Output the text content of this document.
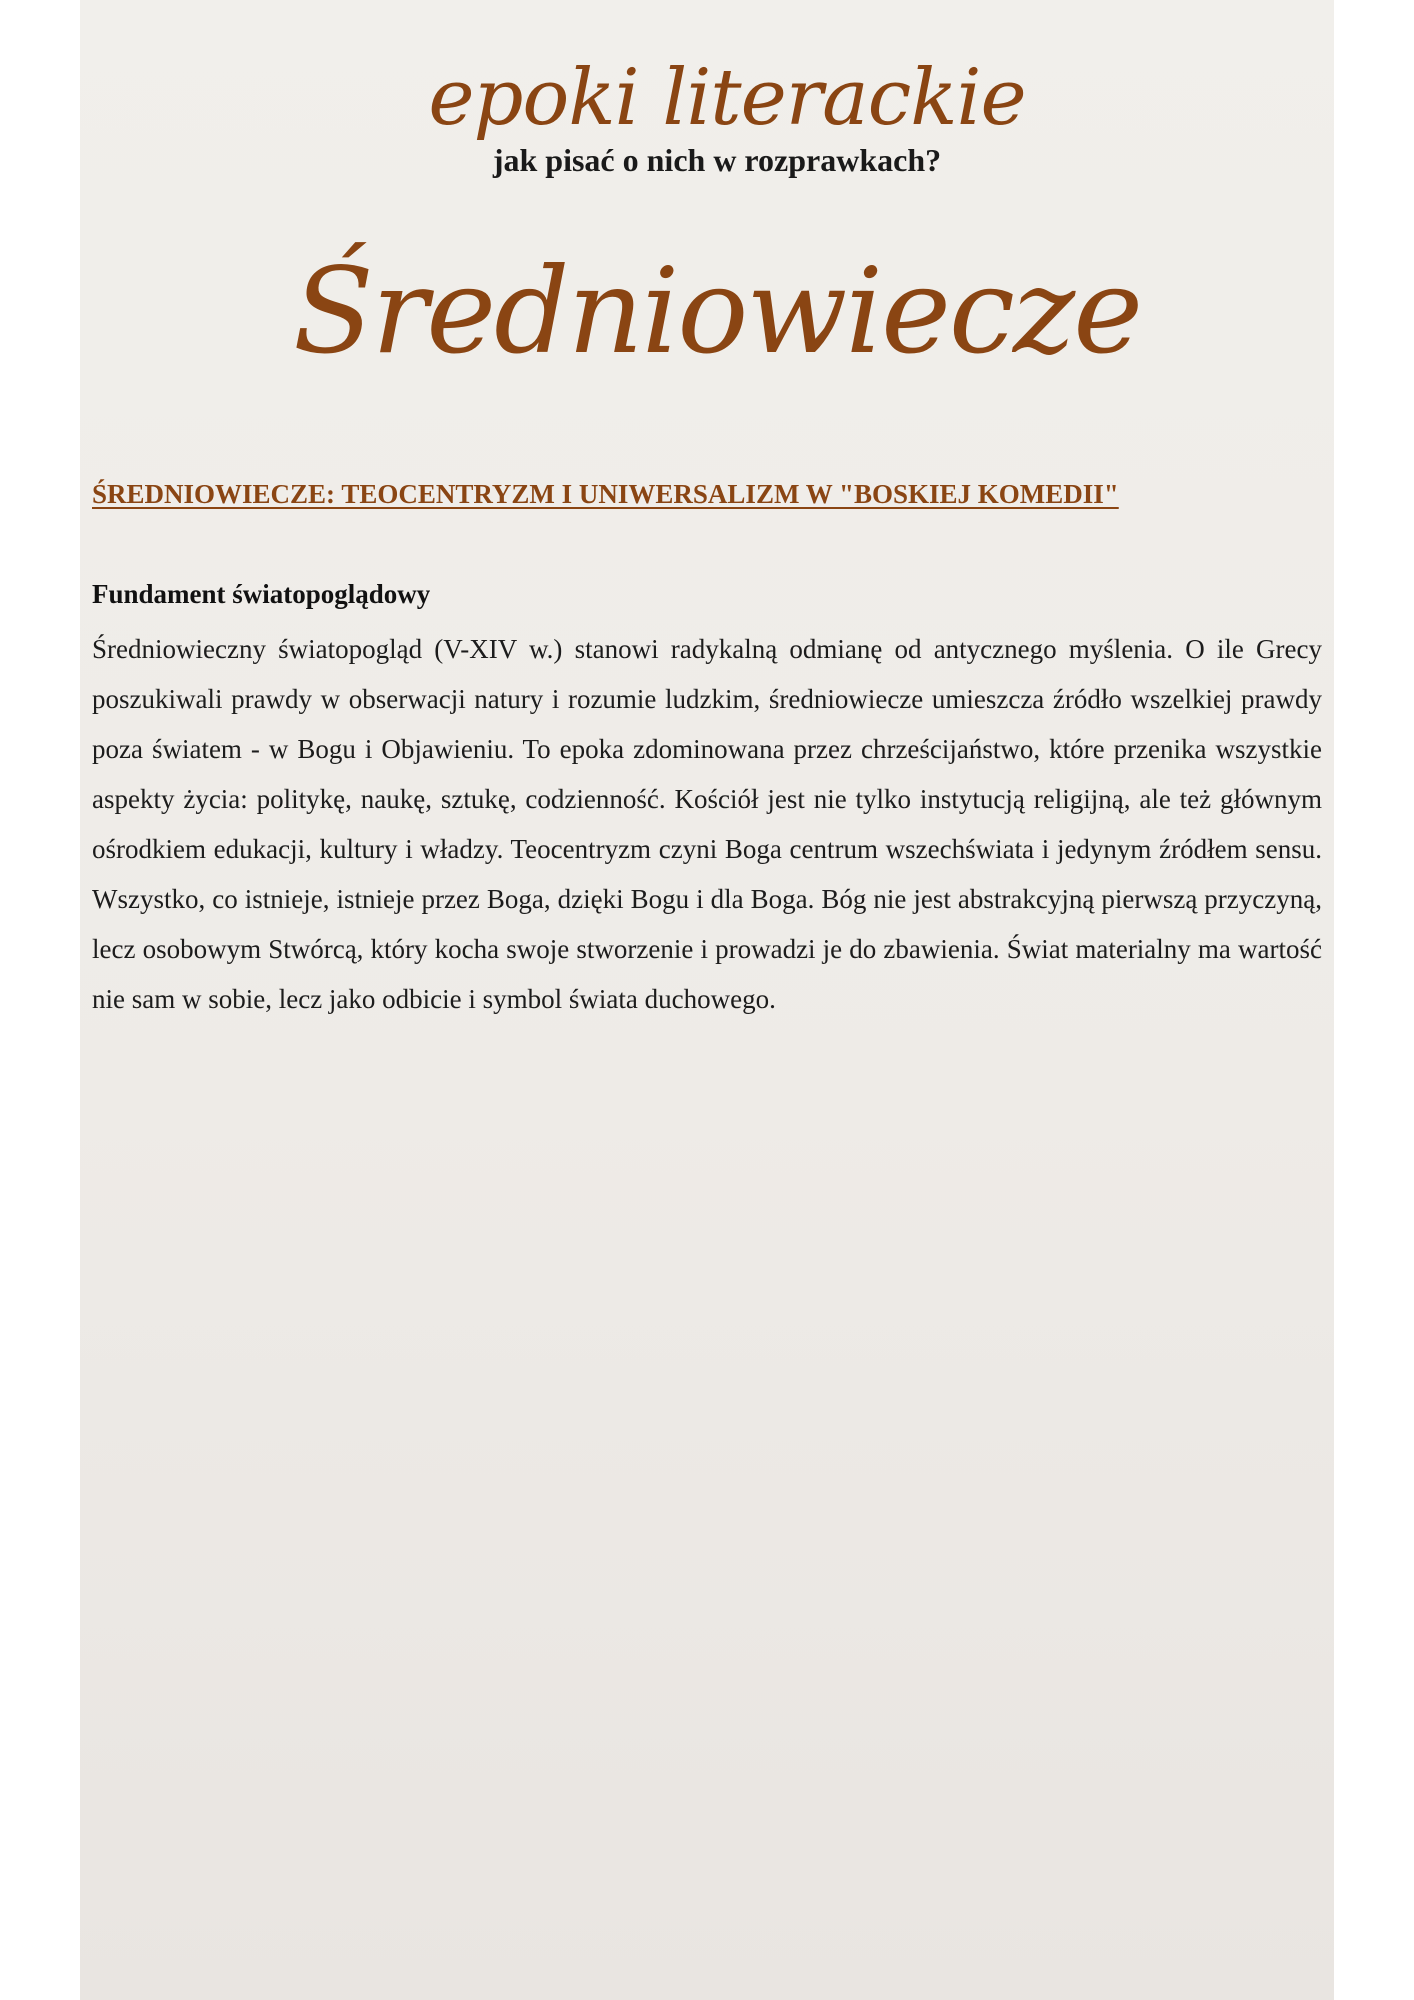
epoki literackie
jak pisać o nich w rozprawkach?
Średniowiecze
ŚREDNIOWIECZE: TEOCENTRYZM I UNIWERSALIZM W "BOSKIEJ KOMEDII"
Fundament światopoglądowy

Średniowieczny światopogląd (V-XIV w.) stanowi radykalną odmianę od antycznego myślenia. O ile Grecy poszukiwali prawdy w obserwacji natury i rozumie ludzkim, średniowiecze umieszcza źródło wszelkiej prawdy poza światem - w Bogu i Objawieniu. To epoka zdominowana przez chrześcijaństwo, które przenika wszystkie aspekty życia: politykę, naukę, sztukę, codzienność. Kościół jest nie tylko instytucją religijną, ale też głównym ośrodkiem edukacji, kultury i władzy. Teocentryzm czyni Boga centrum wszechświata i jedynym źródłem sensu. Wszystko, co istnieje, istnieje przez Boga, dzięki Bogu i dla Boga. Bóg nie jest abstrakcyjną pierwszą przyczyną, lecz osobowym Stwórcą, który kocha swoje stworzenie i prowadzi je do zbawienia. Świat materialny ma wartość nie sam w sobie, lecz jako odbicie i symbol świata duchowego.
